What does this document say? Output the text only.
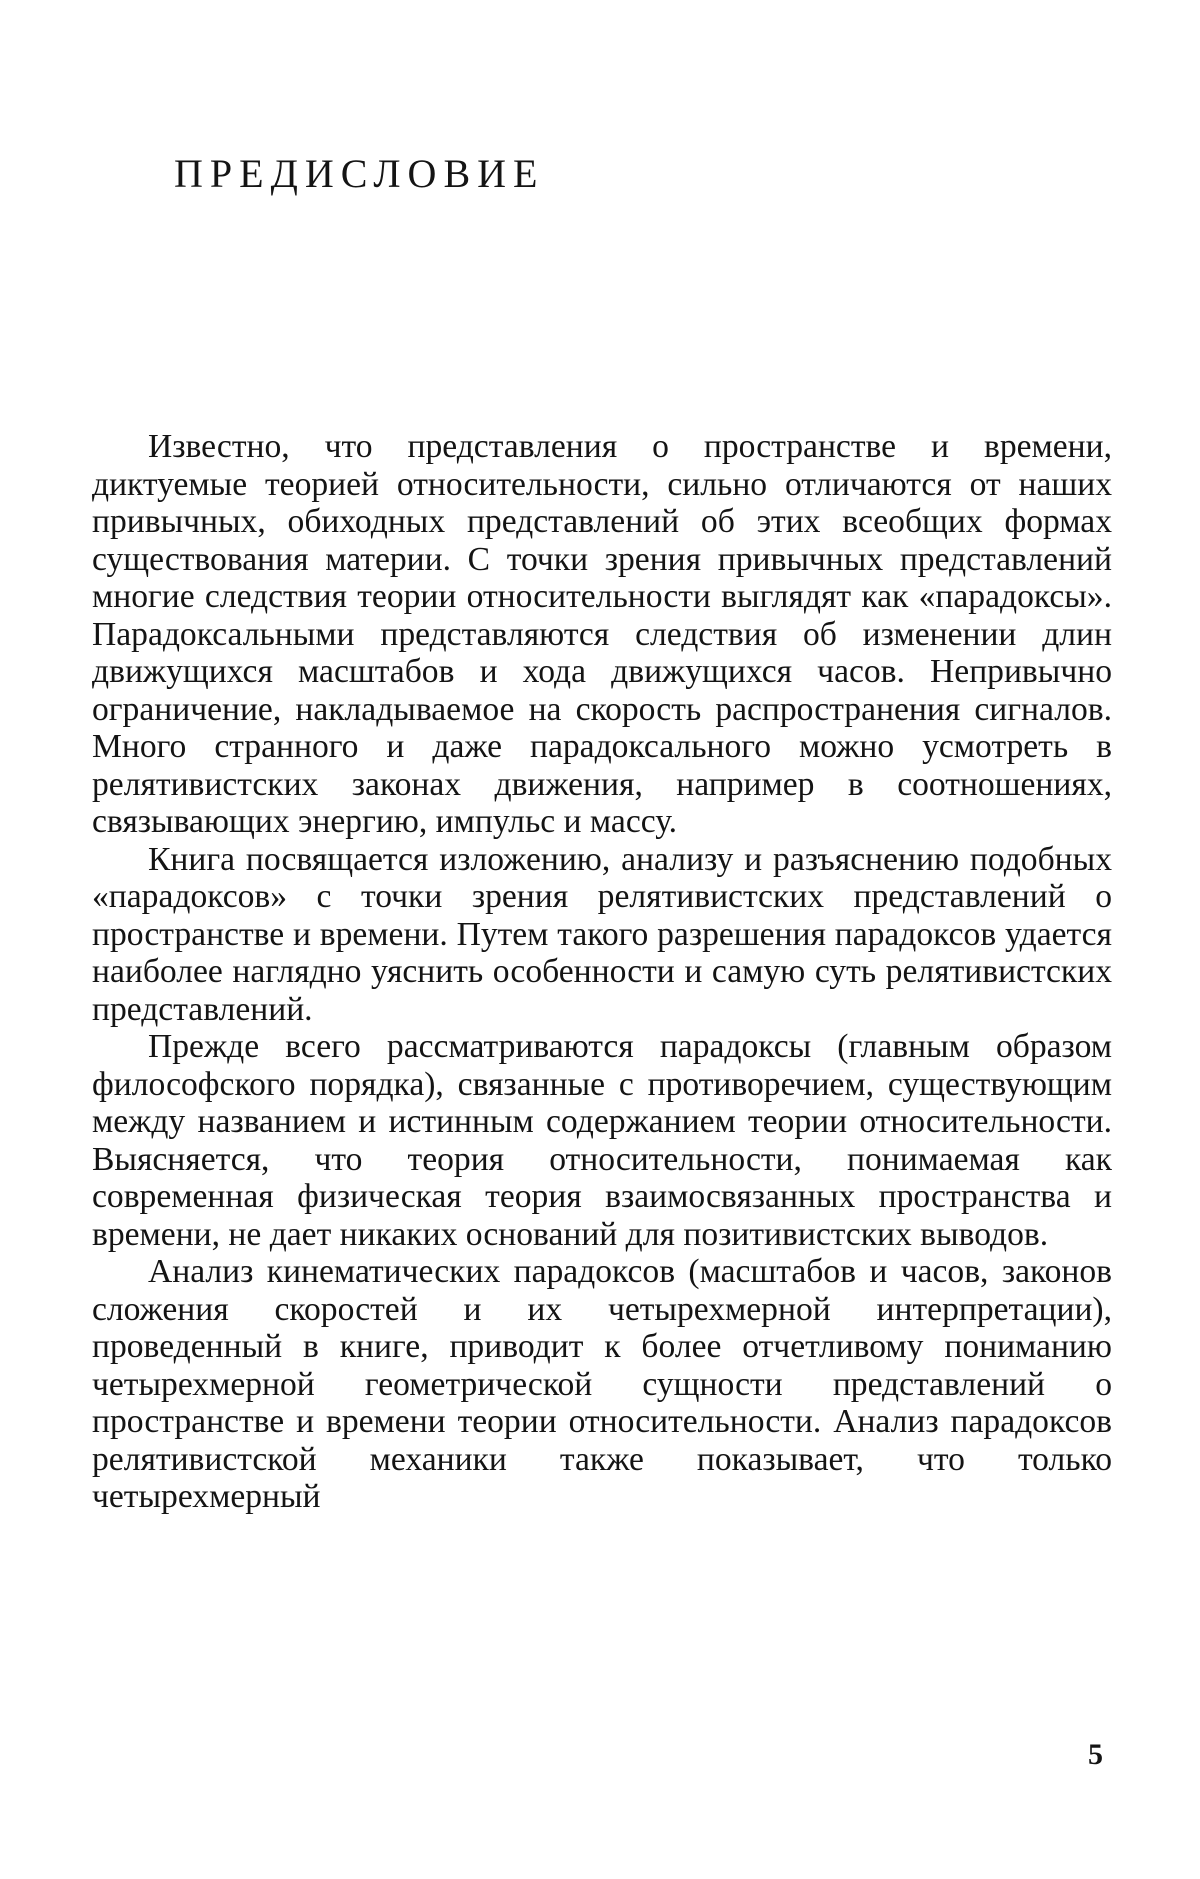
ПРЕДИСЛОВИЕ

Известно, что представления о пространстве и времени, диктуемые теорией относительности, сильно отличаются от наших привычных, обиходных представлений об этих всеобщих формах существования материи. С точки зрения привычных представлений многие следствия теории относительности выглядят как «парадоксы». Парадоксальными представляются следствия об изменении длин движущихся масштабов и хода движущихся часов. Непривычно ограничение, накладываемое на скорость распространения сигналов. Много странного и даже парадоксального можно усмотреть в релятивистских законах движения, например в соотношениях, связывающих энергию, импульс и массу.

Книга посвящается изложению, анализу и разъяснению подобных «парадоксов» с точки зрения релятивистских представлений о пространстве и времени. Путем такого разрешения парадоксов удается наиболее наглядно уяснить особенности и самую суть релятивистских представлений.

Прежде всего рассматриваются парадоксы (главным образом философского порядка), связанные с противоречием, существующим между названием и истинным содержанием теории относительности. Выясняется, что теория относительности, понимаемая как современная физическая теория взаимосвязанных пространства и времени, не дает никаких оснований для позитивистских выводов.

Анализ кинематических парадоксов (масштабов и часов, законов сложения скоростей и их четырехмерной интерпретации), проведенный в книге, приводит к более отчетливому пониманию четырехмерной геометрической сущности представлений о пространстве и времени теории относительности. Анализ парадоксов релятивистской механики также показывает, что только четырехмерный

5
